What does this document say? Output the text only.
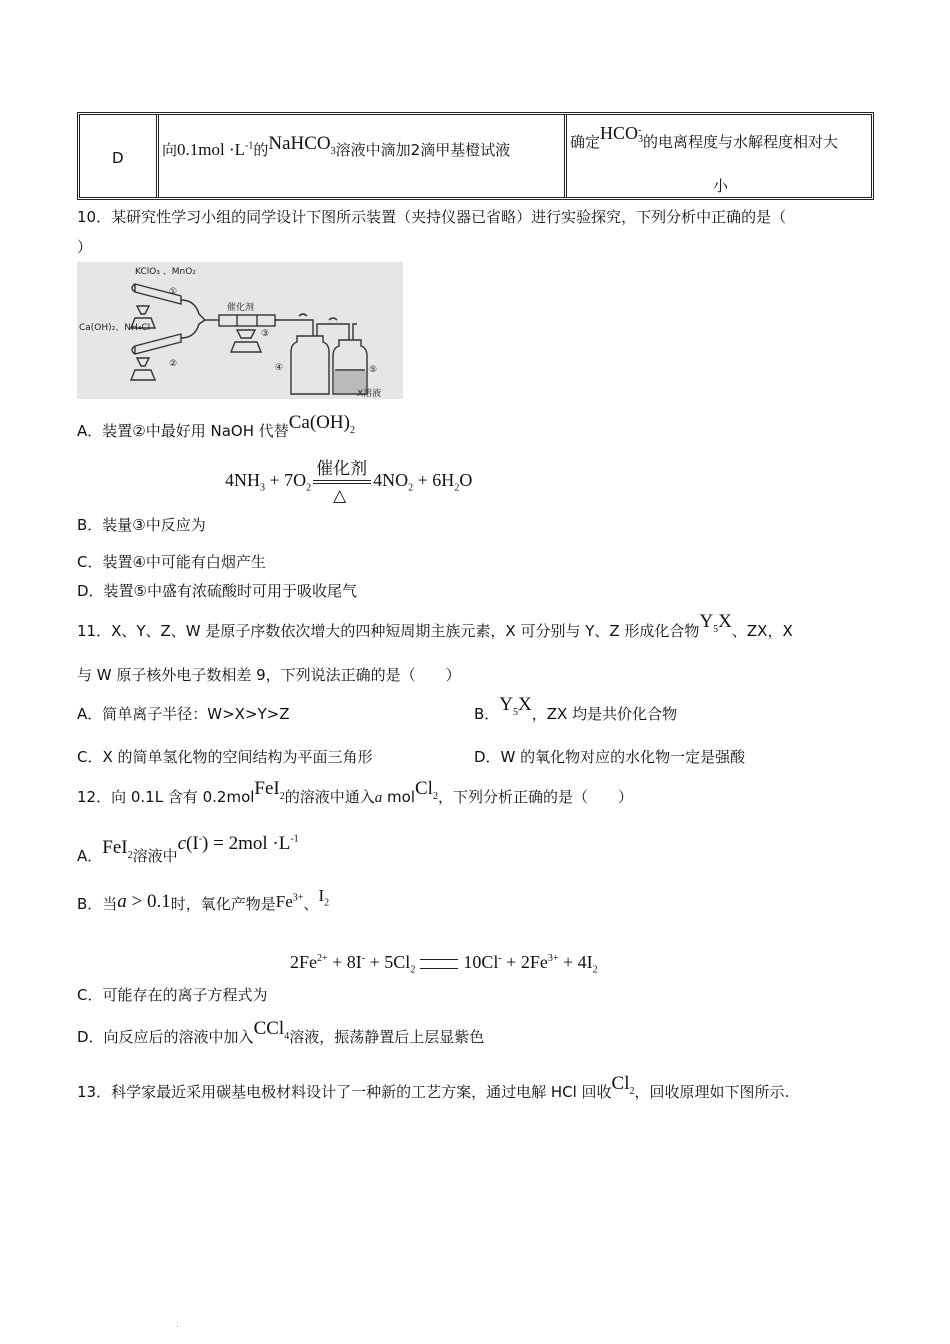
D	向$0.1mol \cdot L^{-1}$的NaHCO$_3$溶液中滴加2滴甲基橙试液	确定HCO -
3 的电离程度与水解程度相对大
小
10．某研究性学习小组的同学设计下图所示装置（夹持仪器已省略）进行实验探究，下列分析中正确的是（
）
KClO₃ 、MnO₂
①
Ca(OH)₂、NH₄Cl
②
催化剂
③
④	⑤
X溶液
A．装置②中最好用 NaOH 代替$Ca(OH)_2$
$4NH_3 + 7O_2$
催化剂
△
$4NO_2 + 6H_2O$
B．装量③中反应为
C．装置④中可能有白烟产生
D．装置⑤中盛有浓硫酸时可用于吸收尾气
11．X、Y、Z、W 是原子序数依次增大的四种短周期主族元素，X 可分别与 Y、Z 形成化合物$Y_5X$、ZX，X
与 W 原子核外电子数相差 9，下列说法正确的是（　　）
A．简单离子半径：W>X>Y>Z	B．$Y_5X$，ZX 均是共价化合物
C．X 的简单氢化物的空间结构为平面三角形	D．W 的氧化物对应的水化物一定是强酸
12．向 0.1L 含有 0.2molFeI$_2$的溶液中通入a molCl$_2$，下列分析正确的是（　　）
A．FeI$_2$溶液中$c(I^-) = 2mol \cdot L^{-1}$
B．当a > 0.1时，氧化产物是$Fe^{3+}$、$I_2$
$2Fe^{2+} + 8I^- + 5Cl_2$	$10Cl^- + 2Fe^{3+} + 4I_2$
C．可能存在的离子方程式为
D．向反应后的溶液中加入CCl$_4$溶液，振荡静置后上层显紫色
13．科学家最近采用碳基电极材料设计了一种新的工艺方案，通过电解 HCl 回收$Cl_2$，回收原理如下图所示.
·
